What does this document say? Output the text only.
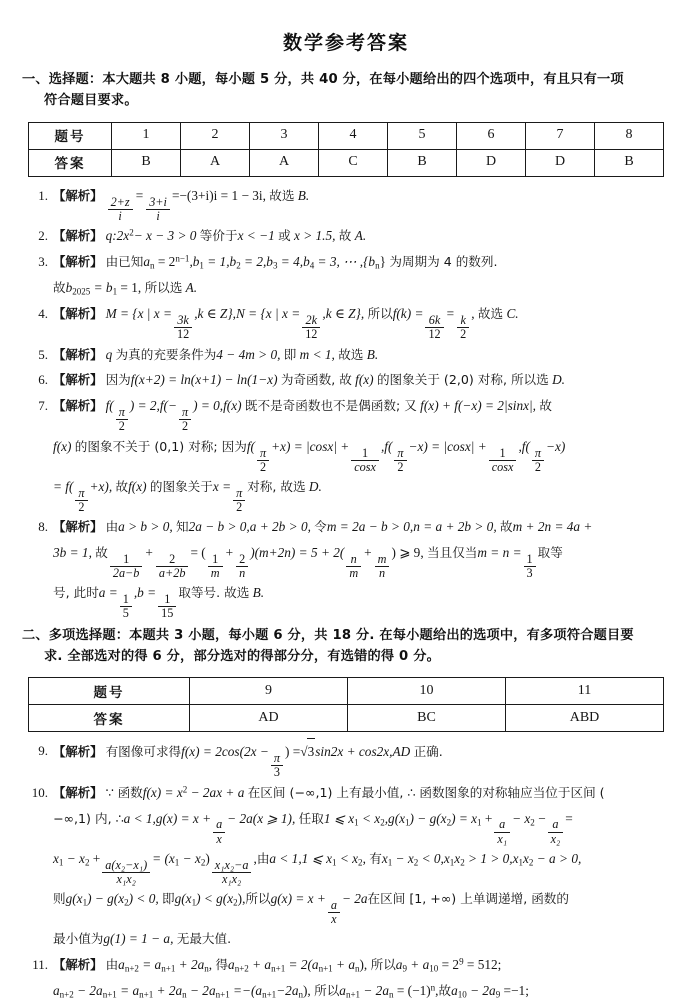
数学参考答案
一、选择题：本大题共 8 小题，每小题 5 分，共 40 分，在每小题给出的四个选项中，有且只有一项
符合题目要求。
题号	1	2	3	4	5	6	7	8
答案	B	A	A	C	B	D	D	B
1. 【解析】
$\frac{2+z}{i}$
=
$\frac{3+i}{i}$
=−(3+i)i = 1 − 3i, 故选 B.
2. 【解析】 $q:2x^2- x - 3 > 0$ 等价于x < −1 或 x > 1.5, 故 A.
3. 【解析】 由已知$a_n = 2^{n-1},b_1 = 1,b_2 = 2,b_3 = 4,b_4 = 3$, ⋯ $,\{b_n\}$ 为周期为 4 的数列.
故$b_{2025} = b_1 = 1$, 所以选 A.
4. 【解析】 M = {x | x =
$\frac{3k}{12}$
,k ∈ Z},N = {x | x =
$\frac{2k}{12}$
,k ∈ Z}, 所以f(k) =
$\frac{6k}{12}$
=
$\frac{k}{2}$
, 故选 C.
5. 【解析】 q 为真的充要条件为4 − 4m > 0, 即 m < 1, 故选 B.
6. 【解析】 因为f(x+2) = ln(x+1) − ln(1−x) 为奇函数, 故 f(x) 的图象关于 (2,0) 对称, 所以选 D.
7. 【解析】 f(
$\frac{\pi}{2}$
) = 2,f(−
$\frac{\pi}{2}$
) = 0,f(x) 既不是奇函数也不是偶函数; 又 f(x) + f(−x) = 2|sinx|, 故
f(x) 的图象不关于 (0,1) 对称; 因为f(
$\frac{\pi}{2}$
+x) = |cosx| +
$\frac{1}{\cos x}$
,f(
$\frac{\pi}{2}$
−x) = |cosx| +
$\frac{1}{\cos x}$
,f(
$\frac{\pi}{2}$
−x)
= f(
$\frac{\pi}{2}$
+x), 故f(x) 的图象关于x =
$\frac{\pi}{2}$
对称, 故选 D.
8. 【解析】 由a > b > 0, 知2a − b > 0,a + 2b > 0, 令m = 2a − b > 0,n = a + 2b > 0, 故m + 2n = 4a +
3b = 1, 故
$\frac{1}{2a-b}$
+
$\frac{2}{a+2b}$
= (
$\frac{1}{m}$
+
$\frac{2}{n}$
)(m+2n) = 5 + 2(
$\frac{n}{m}$
+
$\frac{m}{n}$
) ⩾ 9, 当且仅当m = n =
$\frac{1}{3}$
取等
号, 此时a =
$\frac{1}{5}$
,b =
$\frac{1}{15}$
取等号. 故选 B.
二、多项选择题：本题共 3 小题，每小题 6 分，共 18 分. 在每小题给出的选项中，有多项符合题目要
求. 全部选对的得 6 分，部分选对的得部分分，有选错的得 0 分。
题号	9	10	11
答案	AD	BC	ABD
9. 【解析】 有图像可求得f(x) = 2cos(2x −
$\frac{\pi}{3}$
) =√3sin2x + cos2x,AD 正确.
10. 【解析】 ∵ 函数$f(x) = x^2 - 2ax + a$ 在区间 (−∞,1) 上有最小值, ∴ 函数图象的对称轴应当位于区间 (
−∞,1) 内, ∴a < 1,g(x) = x +
$\frac{a}{x}$
− 2a(x ⩾ 1), 任取1 ⩽ $x_1 < x_2,g(x_1) - g(x_2) = x_1$ +
$\frac{a}{\text{x₁}}$
− $x_2$ −
$\frac{a}{\text{x₂}}$
=
$x_1 - x_2$ +
$\frac{\text{a(x₂−x₁)}}{\text{x₁x₂}}$
= $(x_1 - x_2)$
$\frac{\text{x₁x₂−a}}{\text{x₁x₂}}$
,由a < 1,1 ⩽ $x_1 < x_2$, 有$x_1 - x_2 < 0,x_1x_2 > 1 > 0,x_1x_2 - a > 0$,
则$g(x_1) - g(x_2) < 0$, 即$g(x_1) < g(x_2)$,所以g(x) = x +
$\frac{a}{x}$
− 2a在区间 [1, +∞) 上单调递增, 函数的
最小值为g(1) = 1 − a, 无最大值.
11. 【解析】 由$a_{n+2} = a_{n+1} + 2a_n$, 得$a_{n+2} + a_{n+1} = 2(a_{n+1} + a_n)$, 所以$a_9 + a_{10} = 2^9 = 512$;
$a_{n+2} - 2a_{n+1} = a_{n+1} + 2a_n - 2a_{n+1} =-(a_{n+1}-2a_n)$, 所以$a_{n+1} - 2a_n = (-1)^n$,故$a_{10} - 2a_9 =-1$;
